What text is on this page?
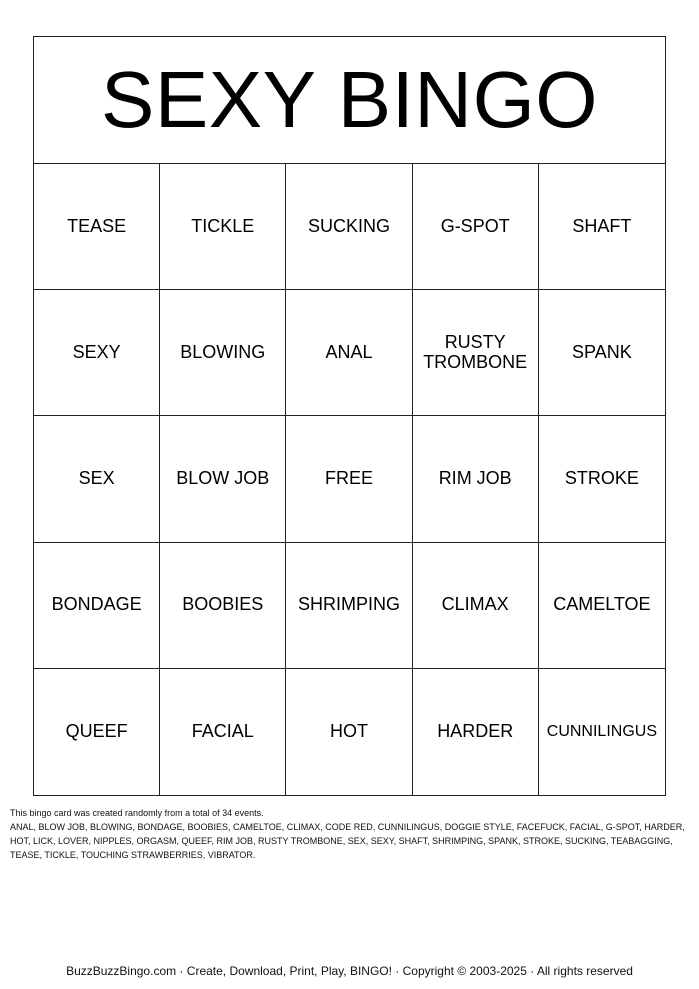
SEXY BINGO
TEASE	TICKLE	SUCKING	G-SPOT	SHAFT
SEXY	BLOWING	ANAL	RUSTY TROMBONE	SPANK
SEX	BLOW JOB	FREE	RIM JOB	STROKE
BONDAGE	BOOBIES	SHRIMPING	CLIMAX	CAMELTOE
QUEEF	FACIAL	HOT	HARDER	CUNNILINGUS
This bingo card was created randomly from a total of 34 events.
ANAL, BLOW JOB, BLOWING, BONDAGE, BOOBIES, CAMELTOE, CLIMAX, CODE RED, CUNNILINGUS, DOGGIE STYLE, FACEFUCK, FACIAL, G-SPOT, HARDER, HOT, LICK, LOVER, NIPPLES, ORGASM, QUEEF, RIM JOB, RUSTY TROMBONE, SEX, SEXY, SHAFT, SHRIMPING, SPANK, STROKE, SUCKING, TEABAGGING, TEASE, TICKLE, TOUCHING STRAWBERRIES, VIBRATOR.
BuzzBuzzBingo.com · Create, Download, Print, Play, BINGO! · Copyright © 2003-2025 · All rights reserved
